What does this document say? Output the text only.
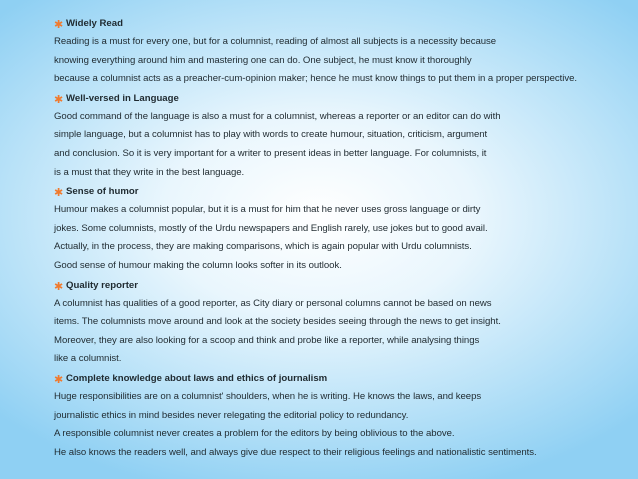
✱ Widely Read
Reading is a must for every one, but for a columnist, reading of almost all subjects is a necessity because
knowing everything around him and mastering one can do. One subject, he must know it thoroughly
because a columnist acts as a preacher-cum-opinion maker; hence he must know things to put them in a proper perspective.
✱ Well-versed in Language
Good command of the language is also a must for a columnist, whereas a reporter or an editor can do with
simple language, but a columnist has to play with words to create humour, situation, criticism, argument
and conclusion. So it is very important for a writer to present ideas in better language. For columnists, it
is a must that they write in the best language.
✱ Sense of humor
Humour makes a columnist popular, but it is a must for him that he never uses gross language or dirty
jokes. Some columnists, mostly of the Urdu newspapers and English rarely, use jokes but to good avail.
Actually, in the process, they are making comparisons, which is again popular with Urdu columnists.
Good sense of humour making the column looks softer in its outlook.
✱ Quality reporter
A columnist has qualities of a good reporter, as City diary or personal columns cannot be based on news
items. The columnists move around and look at the society besides seeing through the news to get insight.
Moreover, they are also looking for a scoop and think and probe like a reporter, while analysing things
like a columnist.
✱ Complete knowledge about laws and ethics of journalism
Huge responsibilities are on a columnist' shoulders, when he is writing. He knows the laws, and keeps
journalistic ethics in mind besides never relegating the editorial policy to redundancy.
A responsible columnist never creates a problem for the editors by being oblivious to the above.
He also knows the readers well, and always give due respect to their religious feelings and nationalistic sentiments.
